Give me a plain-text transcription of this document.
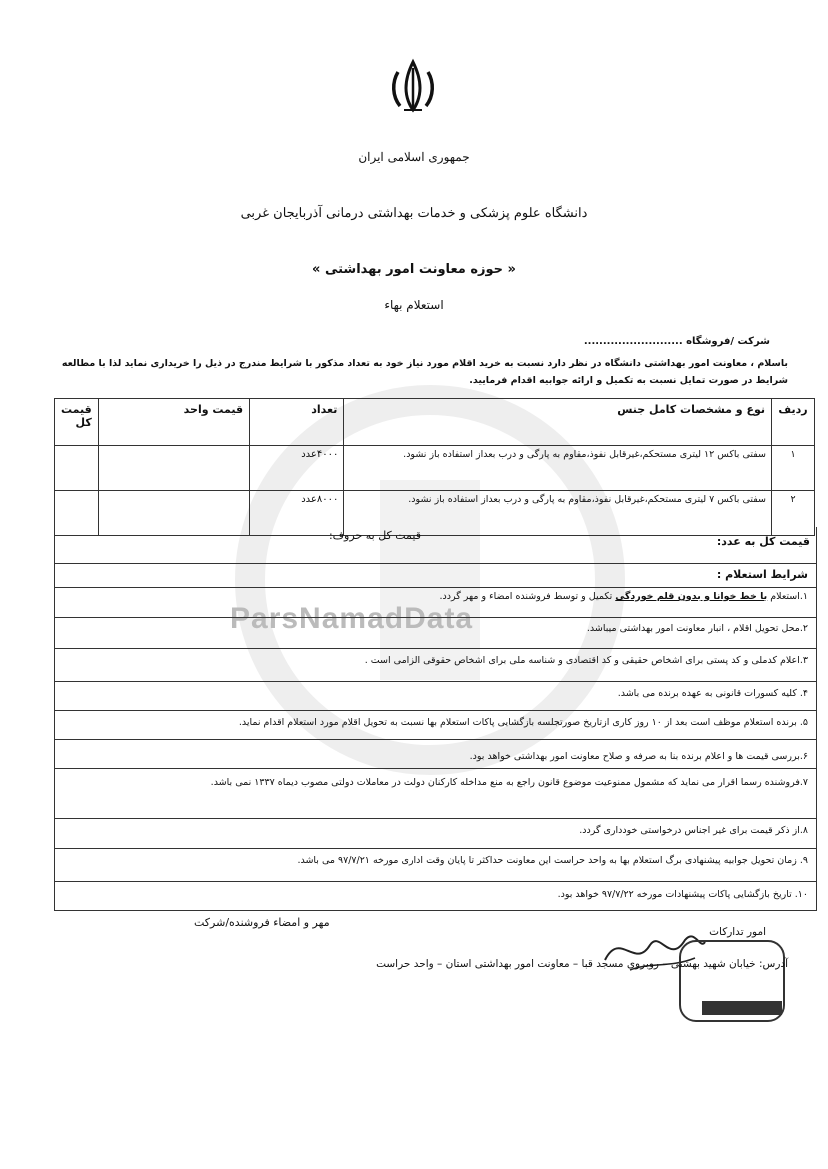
جمهوری اسلامی ایران
دانشگاه علوم پزشکی و خدمات بهداشتی درمانی آذربایجان غربی
« حوزه معاونت امور بهداشتی »
استعلام بهاء
شرکت /فروشگاه ..........................
باسلام ، معاونت امور بهداشتی دانشگاه در نظر دارد نسبت به خرید اقلام مورد نیاز خود به تعداد مذکور با شرایط مندرج در ذیل را خریداری نماید لذا با مطالعه شرایط در صورت تمایل نسبت به تکمیل و ارائه جوابیه اقدام فرمایید.
ParsNamadData
ردیف	نوع و مشخصات کامل جنس	تعداد	قیمت واحد	قیمت کل
۱	سفتی باکس ۱۲ لیتری مستحکم،غیرقابل نفوذ،مقاوم به پارگی و درب بعداز استفاده باز نشود.	۴۰۰۰عدد		
۲	سفتی باکس ۷ لیتری مستحکم،غیرقابل نفوذ،مقاوم به پارگی و درب بعداز استفاده باز نشود.	۸۰۰۰عدد		
قیمت کل به عدد:
قیمت کل به حروف:
شرایط استعلام :
۱.استعلام با خط خوانا و بدون قلم خوردگی تکمیل و توسط فروشنده امضاء و مهر گردد.
۲.محل تحویل اقلام ، انبار معاونت امور بهداشتی میباشد.
۳.اعلام کدملی و کد پستی برای اشخاص حقیقی و کد اقتصادی و شناسه ملی برای اشخاص حقوقی الزامی است .
۴. کلیه کسورات قانونی به عهده برنده می باشد.
۵. برنده استعلام موظف است بعد از ۱۰ روز کاری ازتاریخ صورتجلسه بازگشایی پاکات استعلام بها نسبت به تحویل اقلام مورد استعلام اقدام نماید.
۶.بررسی قیمت ها و اعلام برنده بنا به صرفه و صلاح معاونت امور بهداشتی خواهد بود.
۷.فروشنده رسما اقرار می نماید که مشمول ممنوعیت موضوع قانون راجع به منع مداخله کارکنان دولت در معاملات دولتی مصوب دیماه ۱۳۳۷ نمی باشد.
۸.از ذکر قیمت برای غیر اجناس درخواستی خودداری گردد.
۹. زمان تحویل جوابیه پیشنهادی برگ استعلام بها به واحد حراست این معاونت حداکثر تا پایان وقت اداری مورخه ۹۷/۷/۲۱ می باشد.
۱۰. تاریخ بازگشایی پاکات پیشنهادات مورخه ۹۷/۷/۲۲ خواهد بود.
امور تدارکات
مهر و امضاء فروشنده/شرکت
آدرس: خیابان شهید بهشتی – روبروی مسجد قبا – معاونت امور بهداشتی استان – واحد حراست
